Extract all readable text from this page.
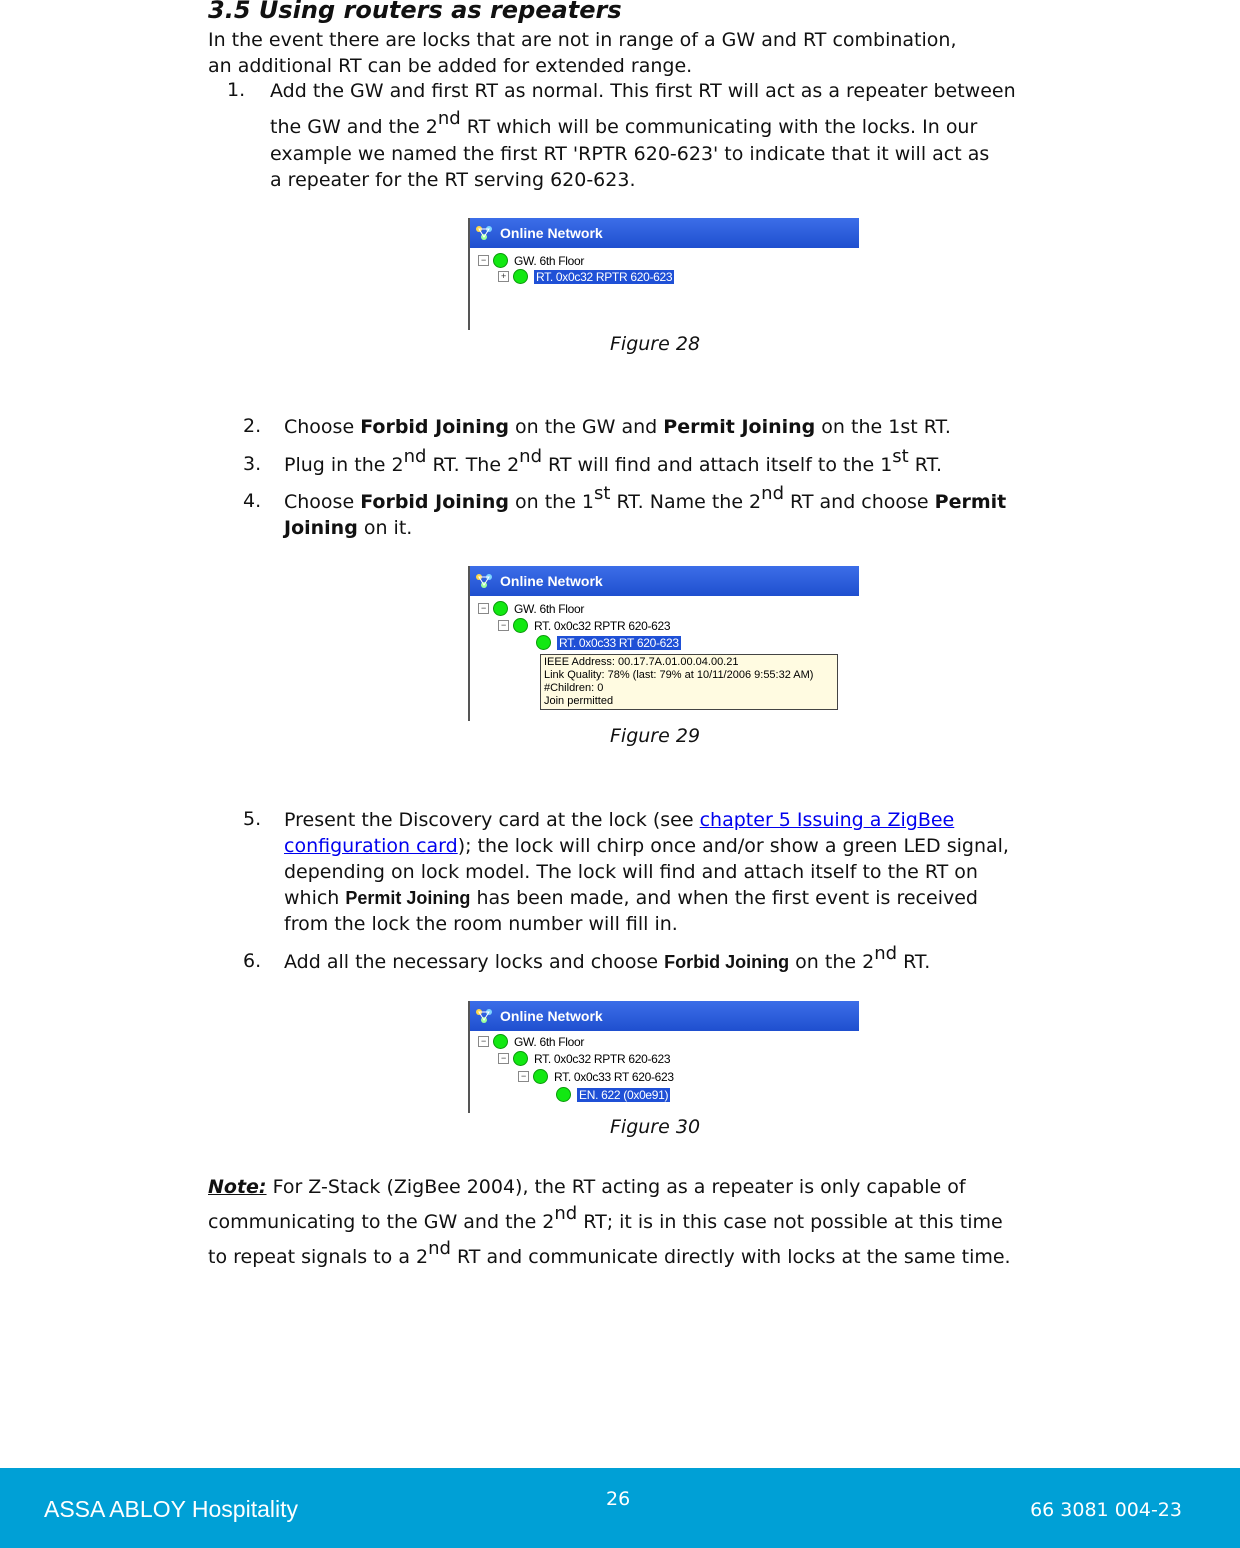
3.5 Using routers as repeaters
In the event there are locks that are not in range of a GW and RT combination,
an additional RT can be added for extended range.
1. Add the GW and first RT as normal. This first RT will act as a repeater between
the GW and the 2nd RT which will be communicating with the locks. In our
example we named the first RT 'RPTR 620-623' to indicate that it will act as
a repeater for the RT serving 620-623.
Online Network
− GW. 6th Floor
+	RT. 0x0c32 RPTR 620-623
Figure 28
2. Choose Forbid Joining on the GW and Permit Joining on the 1st RT.
3. Plug in the 2nd RT. The 2nd RT will find and attach itself to the 1st RT.
4. Choose Forbid Joining on the 1st RT. Name the 2nd RT and choose Permit
Joining on it.
Online Network
− GW. 6th Floor
− RT. 0x0c32 RPTR 620-623
RT. 0x0c33 RT 620-623
IEEE Address: 00.17.7A.01.00.04.00.21
Link Quality: 78% (last: 79% at 10/11/2006 9:55:32 AM)
#Children: 0
Join permitted
Figure 29
5. Present the Discovery card at the lock (see chapter 5 Issuing a ZigBee
configuration card); the lock will chirp once and/or show a green LED signal,
depending on lock model. The lock will find and attach itself to the RT on
which Permit Joining has been made, and when the first event is received
from the lock the room number will fill in.
6. Add all the necessary locks and choose Forbid Joining on the 2nd RT.
Online Network
− GW. 6th Floor
− RT. 0x0c32 RPTR 620-623
− RT. 0x0c33 RT 620-623
EN. 622 (0x0e91)
Figure 30
Note: For Z-Stack (ZigBee 2004), the RT acting as a repeater is only capable of
communicating to the GW and the 2nd RT; it is in this case not possible at this time
to repeat signals to a 2nd RT and communicate directly with locks at the same time.
ASSA ABLOY Hospitality	26	66 3081 004-23
